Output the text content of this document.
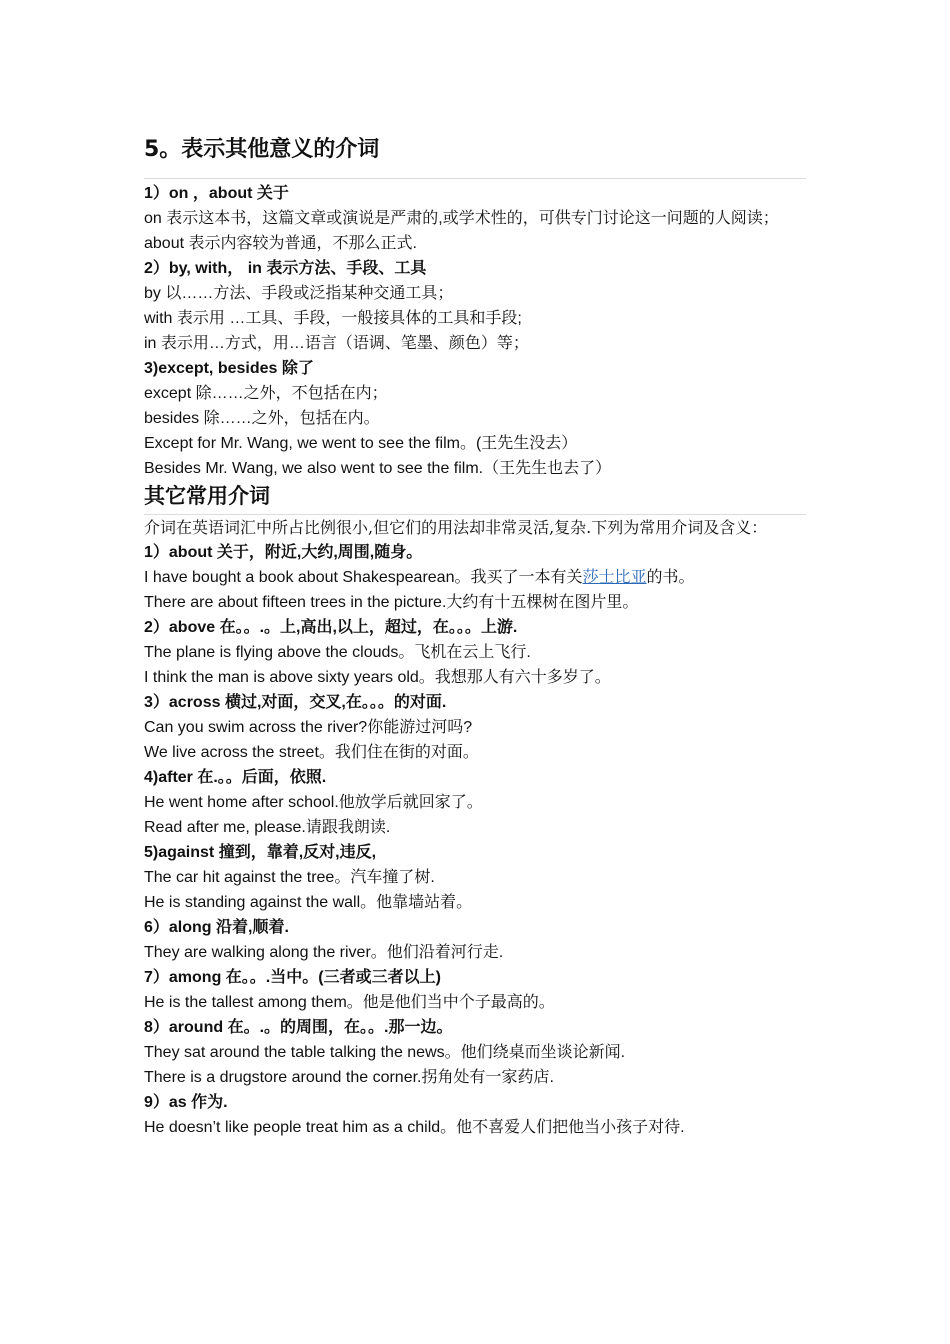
5。表示其他意义的介词
1）on ，about 关于
on 表示这本书，这篇文章或演说是严肃的,或学术性的，可供专门讨论这一问题的人阅读；
about 表示内容较为普通，不那么正式.
2）by, with， in 表示方法、手段、工具
by 以……方法、手段或泛指某种交通工具；
with 表示用 …工具、手段，一般接具体的工具和手段;
in 表示用…方式，用…语言（语调、笔墨、颜色）等；
3)except, besides 除了
except 除……之外，不包括在内；
besides 除……之外，包括在内。
Except for Mr. Wang, we went to see the film。(王先生没去）
Besides Mr. Wang, we also went to see the film.（王先生也去了）
其它常用介词
介词在英语词汇中所占比例很小,但它们的用法却非常灵活,复杂.下列为常用介词及含义：
1）about 关于，附近,大约,周围,随身。
I have bought a book about Shakespearean。我买了一本有关莎士比亚的书。
There are about fifteen trees in the picture.大约有十五棵树在图片里。
2）above 在。。.。上,高出,以上，超过，在。。。上游.
The plane is flying above the clouds。飞机在云上飞行.
I think the man is above sixty years old。我想那人有六十多岁了。
3）across 横过,对面，交叉,在。。。的对面.
Can you swim across the river?你能游过河吗?
We live across the street。我们住在街的对面。
4)after 在.。。后面，依照.
He went home after school.他放学后就回家了。
Read after me, please.请跟我朗读.
5)against 撞到，靠着,反对,违反,
The car hit against the tree。汽车撞了树.
He is standing against the wall。他靠墙站着。
6）along 沿着,顺着.
They are walking along the river。他们沿着河行走.
7）among 在。。.当中。(三者或三者以上)
He is the tallest among them。他是他们当中个子最高的。
8）around 在。.。的周围，在。。.那一边。
They sat around the table talking the news。他们绕桌而坐谈论新闻.
There is a drugstore around the corner.拐角处有一家药店.
9）as 作为.
He doesn’t like people treat him as a child。他不喜爱人们把他当小孩子对待.
